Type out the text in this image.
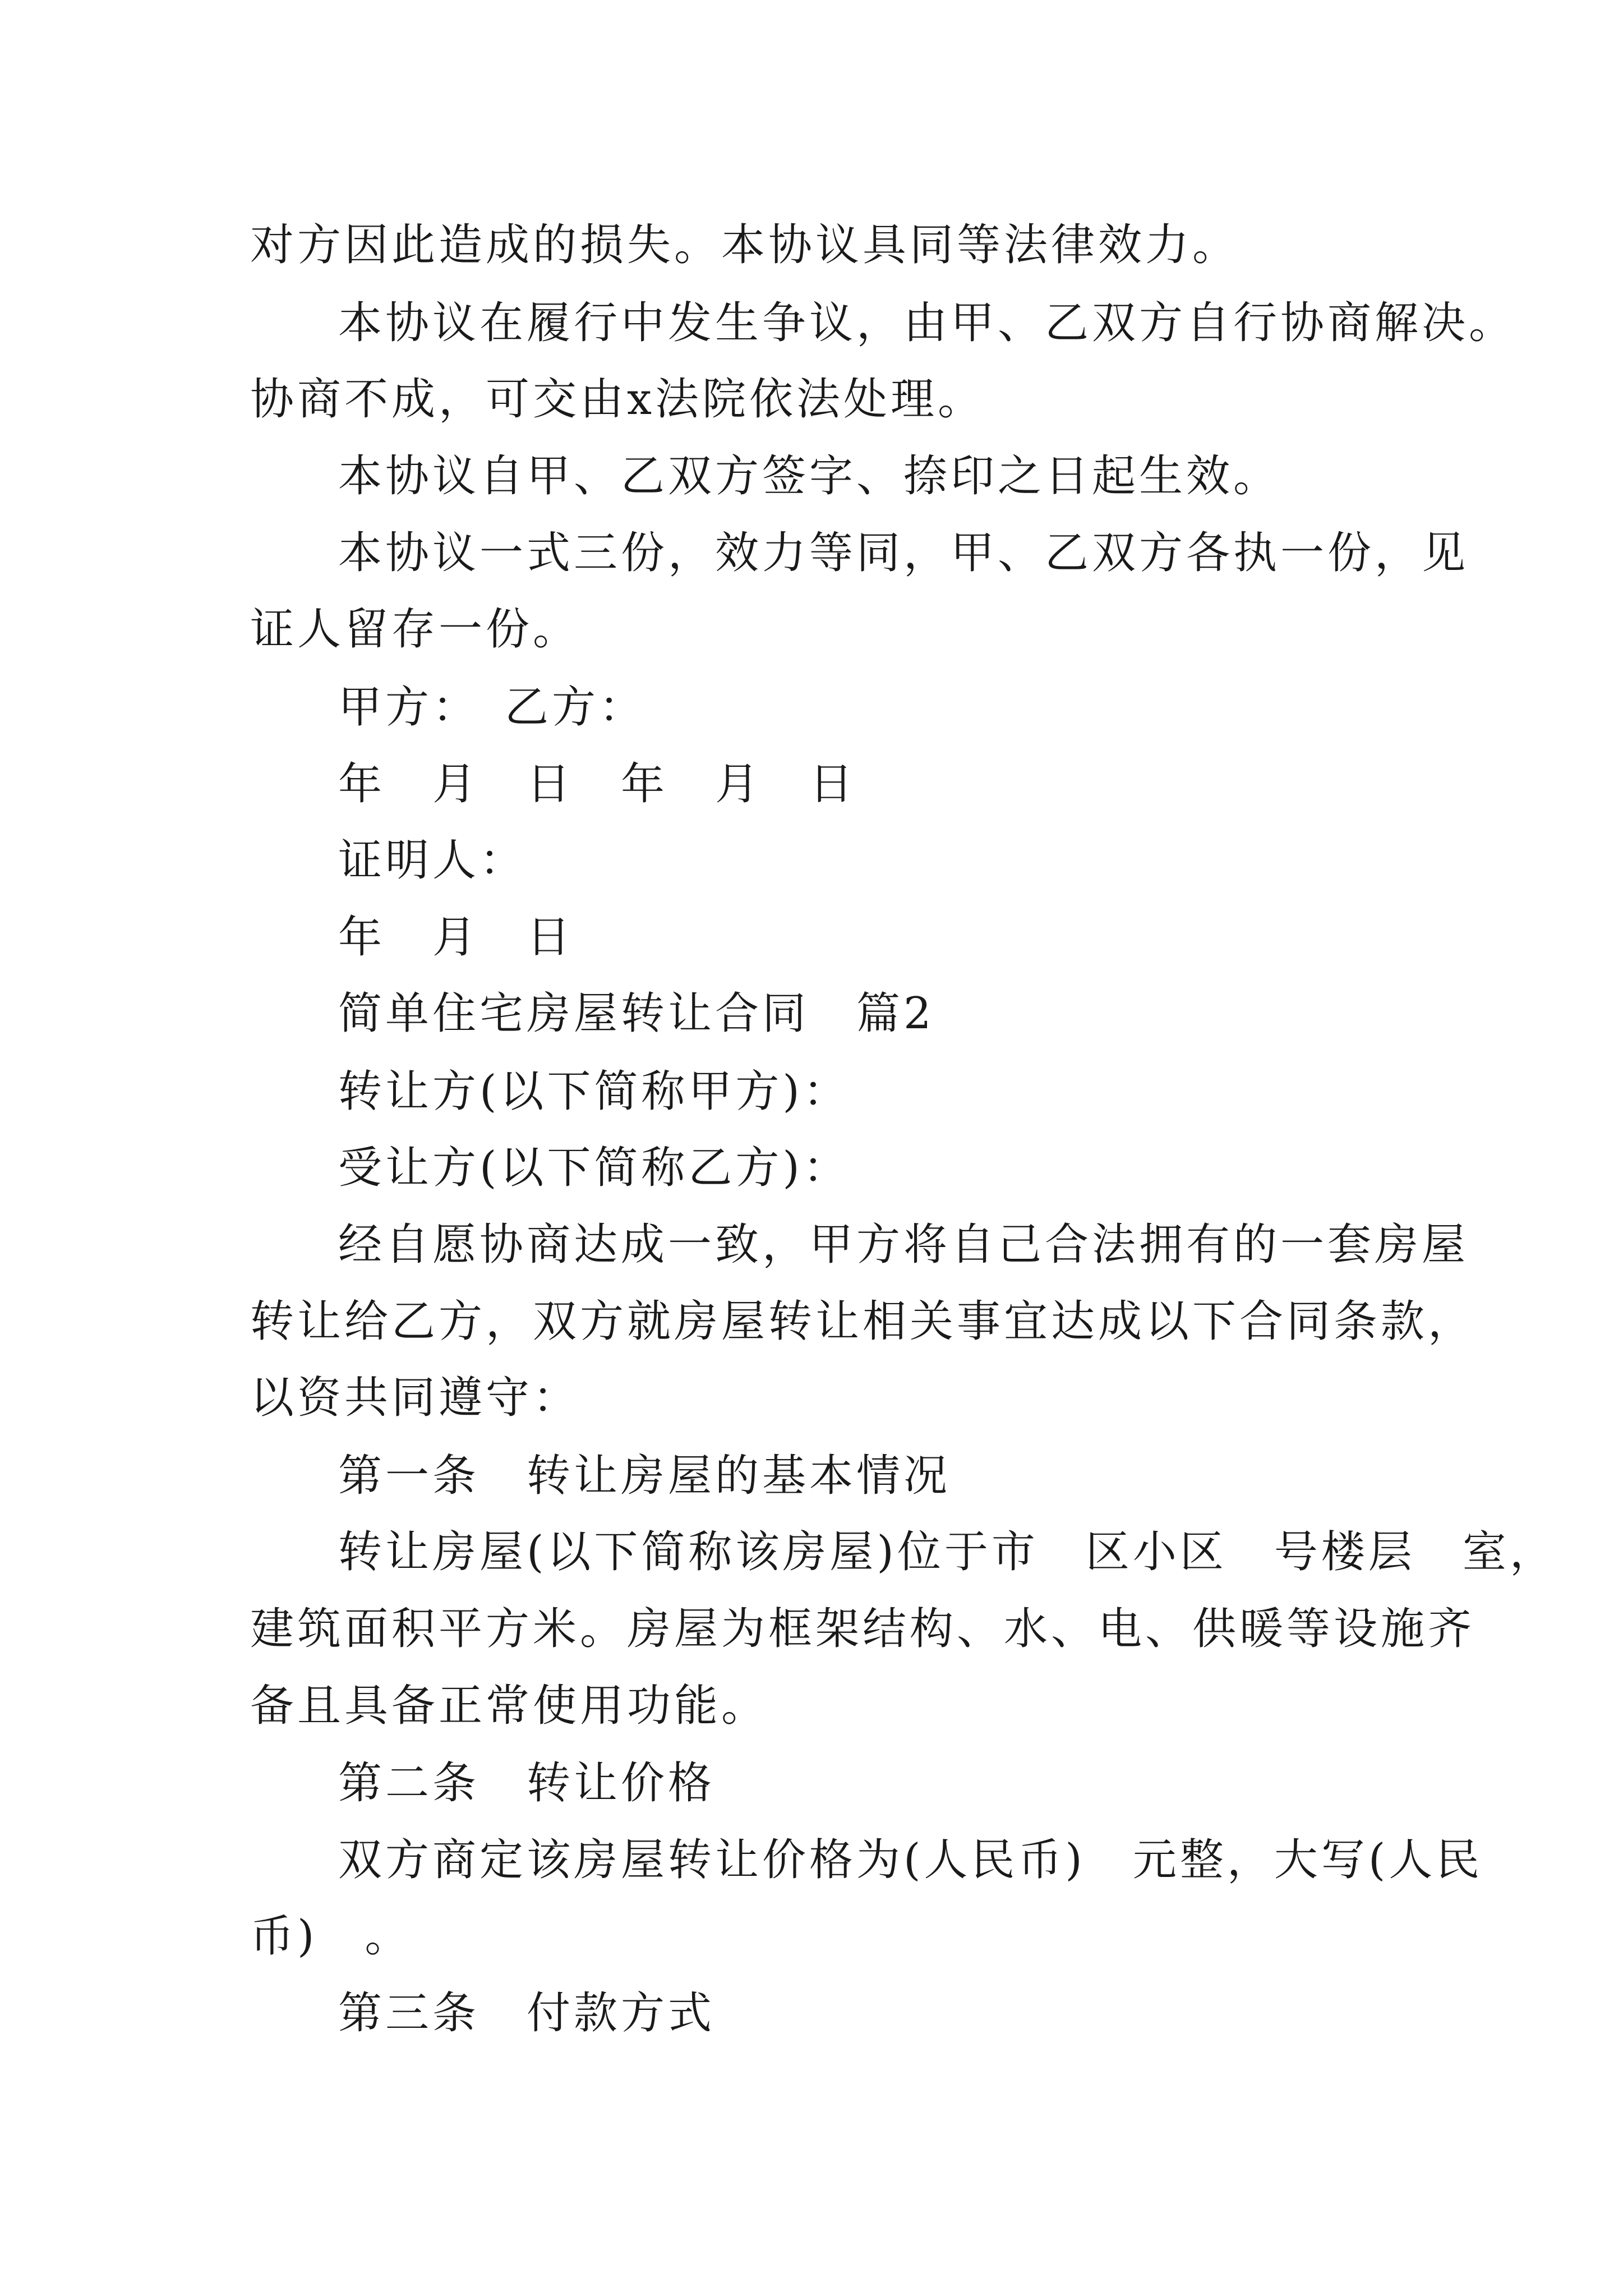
对方因此造成的损失。本协议具同等法律效力。

本协议在履行中发生争议，由甲、乙双方自行协商解决。

协商不成，可交由x法院依法处理。

本协议自甲、乙双方签字、捺印之日起生效。

本协议一式三份，效力等同，甲、乙双方各执一份，见

证人留存一份。

甲方：　乙方：

年　月　日　年　月　日

证明人：

年　月　日

简单住宅房屋转让合同　篇2

转让方(以下简称甲方)：

受让方(以下简称乙方)：

经自愿协商达成一致，甲方将自己合法拥有的一套房屋

转让给乙方，双方就房屋转让相关事宜达成以下合同条款，

以资共同遵守：

第一条　转让房屋的基本情况

转让房屋(以下简称该房屋)位于市　区小区　号楼层　室，

建筑面积平方米。房屋为框架结构、水、电、供暖等设施齐

备且具备正常使用功能。

第二条　转让价格

双方商定该房屋转让价格为(人民币)　元整，大写(人民

币)　。

第三条　付款方式
